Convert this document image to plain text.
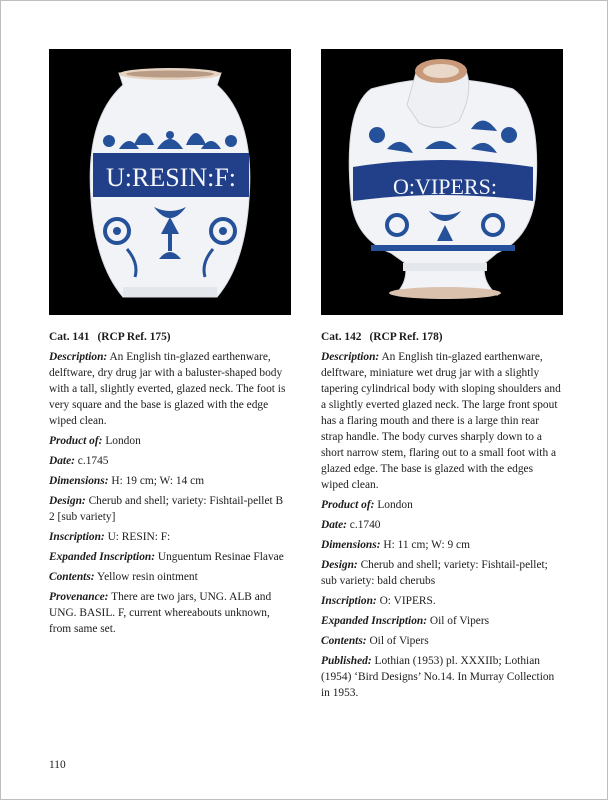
U:RESIN:F:
Cat. 141 (RCP Ref. 175)

Description: An English tin-glazed earthenware, delftware, dry drug jar with a baluster-shaped body with a tall, slightly everted, glazed neck. The foot is very square and the base is glazed with the edge wiped clean.

Product of: London

Date: c.1745

Dimensions: H: 19 cm; W: 14 cm

Design: Cherub and shell; variety: Fishtail-pellet B 2 [sub variety]

Inscription: U: RESIN: F:

Expanded Inscription: Unguentum Resinae Flavae

Contents: Yellow resin ointment

Provenance: There are two jars, UNG. ALB and UNG. BASIL. F, current whereabouts unknown, from same set.

O:VIPERS:
Cat. 142 (RCP Ref. 178)

Description: An English tin-glazed earthenware, delftware, miniature wet drug jar with a slightly tapering cylindrical body with sloping shoulders and a slightly everted glazed neck. The large front spout has a flaring mouth and there is a large thin rear strap handle. The body curves sharply down to a short narrow stem, flaring out to a small foot with a glazed edge. The base is glazed with the edges wiped clean.

Product of: London

Date: c.1740

Dimensions: H: 11 cm; W: 9 cm

Design: Cherub and shell; variety: Fishtail-pellet; sub variety: bald cherubs

Inscription: O: VIPERS.

Expanded Inscription: Oil of Vipers

Contents: Oil of Vipers

Published: Lothian (1953) pl. XXXIIb; Lothian (1954) ‘Bird Designs’ No.14. In Murray Collection in 1953.

110
